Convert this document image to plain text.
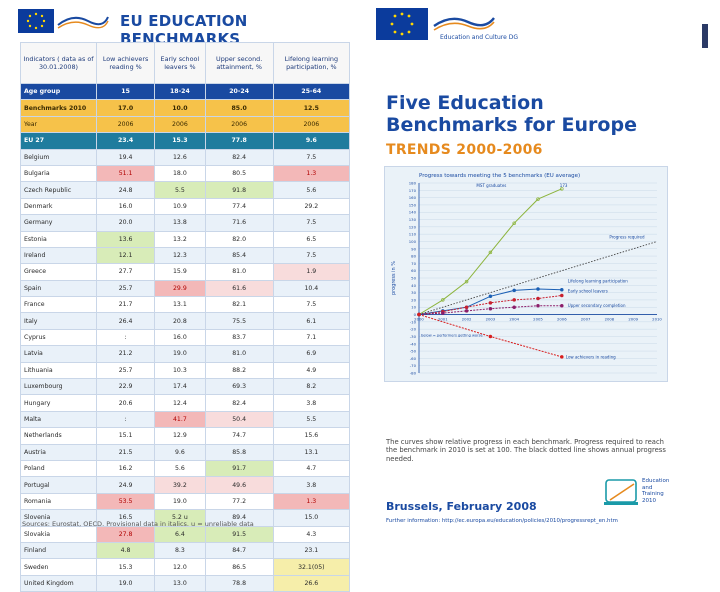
EU EDUCATION BENCHMARKS
Indicators ( data as of 30.01.2008)	Low achievers reading %	Early school leavers %	Upper second. attainment, %	Lifelong learning participation, %
Age group	15	18-24	20-24	25-64
Benchmarks 2010	17.0	10.0	85.0	12.5
Year	2006	2006	2006	2006
EU 27	23.4	15.3	77.8	9.6
Belgium	19.4	12.6	82.4	7.5
Bulgaria	51.1	18.0	80.5	1.3
Czech Republic	24.8	5.5	91.8	5.6
Denmark	16.0	10.9	77.4	29.2
Germany	20.0	13.8	71.6	7.5
Estonia	13.6	13.2	82.0	6.5
Ireland	12.1	12.3	85.4	7.5
Greece	27.7	15.9	81.0	1.9
Spain	25.7	29.9	61.6	10.4
France	21.7	13.1	82.1	7.5
Italy	26.4	20.8	75.5	6.1
Cyprus	:	16.0	83.7	7.1
Latvia	21.2	19.0	81.0	6.9
Lithuania	25.7	10.3	88.2	4.9
Luxembourg	22.9	17.4	69.3	8.2
Hungary	20.6	12.4	82.4	3.8
Malta	:	41.7	50.4	5.5
Netherlands	15.1	12.9	74.7	15.6
Austria	21.5	9.6	85.8	13.1
Poland	16.2	5.6	91.7	4.7
Portugal	24.9	39.2	49.6	3.8
Romania	53.5	19.0	77.2	1.3
Slovenia	16.5	5.2 u	89.4	15.0
Slovakia	27.8	6.4	91.5	4.3
Finland	4.8	8.3	84.7	23.1
Sweden	15.3	12.0	86.5	32.1(05)
United Kingdom	19.0	13.0	78.8	26.6
Sources: Eurostat, OECD. Provisional data in italics. u = unreliable data
Education and Culture DG
Five Education
Benchmarks for Europe
TRENDS 2000-2006
Progress towards meeting the 5 benchmarks (EU average)
180
170
160
150
140
130
120
110
100
90
80
70
60
50
40
30
20
10
0
-10
-20
-30
-40
-50
-60
-70
-80
2000	2001	2002	2003	2004	2005	2006	2007	2008	2009	2010
progress in %
MST graduates
Progress required
Lifelong learning participation
Early school leavers
Upper secondary completion
Low achievers in reading
173
below = performers getting worse
The curves show relative progress in each benchmark. Progress required to reach the benchmark in 2010 is set at 100. The black dotted line shows annual progress needed.
Education
and
Training
2010
Brussels, February 2008
Further information: http://ec.europa.eu/education/policies/2010/progressrept_en.htm
